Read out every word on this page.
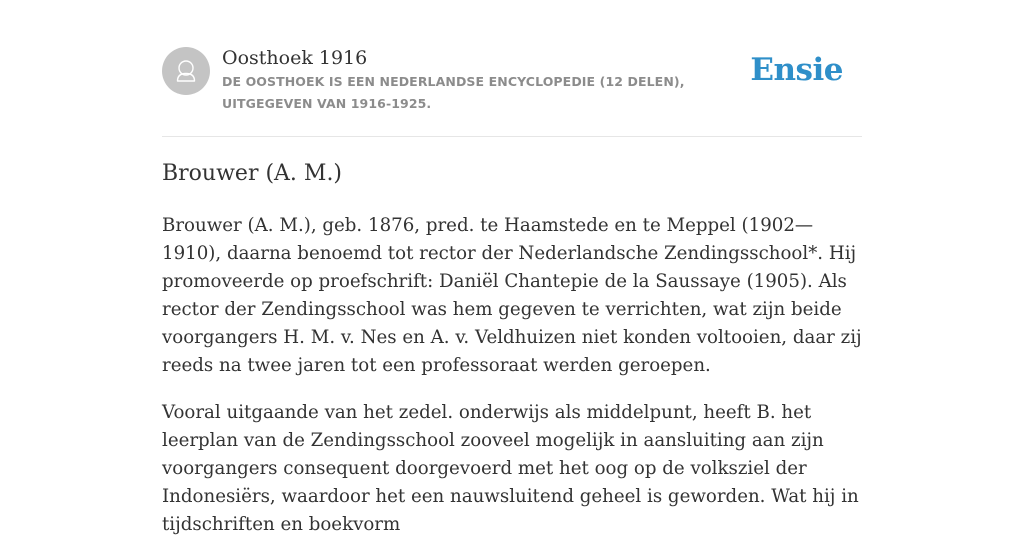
Oosthoek 1916
DE OOSTHOEK IS EEN NEDERLANDSE ENCYCLOPEDIE (12 DELEN), UITGEGEVEN VAN 1916-1925.
Ensie
Brouwer (A. M.)

Brouwer (A. M.), geb. 1876, pred. te Haamstede en te Meppel (1902—1910), daarna benoemd tot rector der Nederlandsche Zendingsschool*. Hij promoveerde op proefschrift: Daniël Chantepie de la Saussaye (1905). Als rector der Zendingsschool was hem gegeven te verrichten, wat zijn beide voorgangers H. M. v. Nes en A. v. Veldhuizen niet konden voltooien, daar zij reeds na twee jaren tot een professoraat werden geroepen.

Vooral uitgaande van het zedel. onderwijs als middelpunt, heeft B. het leerplan van de Zendingsschool zooveel mogelijk in aansluiting aan zijn voorgangers consequent doorgevoerd met het oog op de volksziel der Indonesiërs, waardoor het een nauwsluitend geheel is geworden. Wat hij in tijdschriften en boekvorm
